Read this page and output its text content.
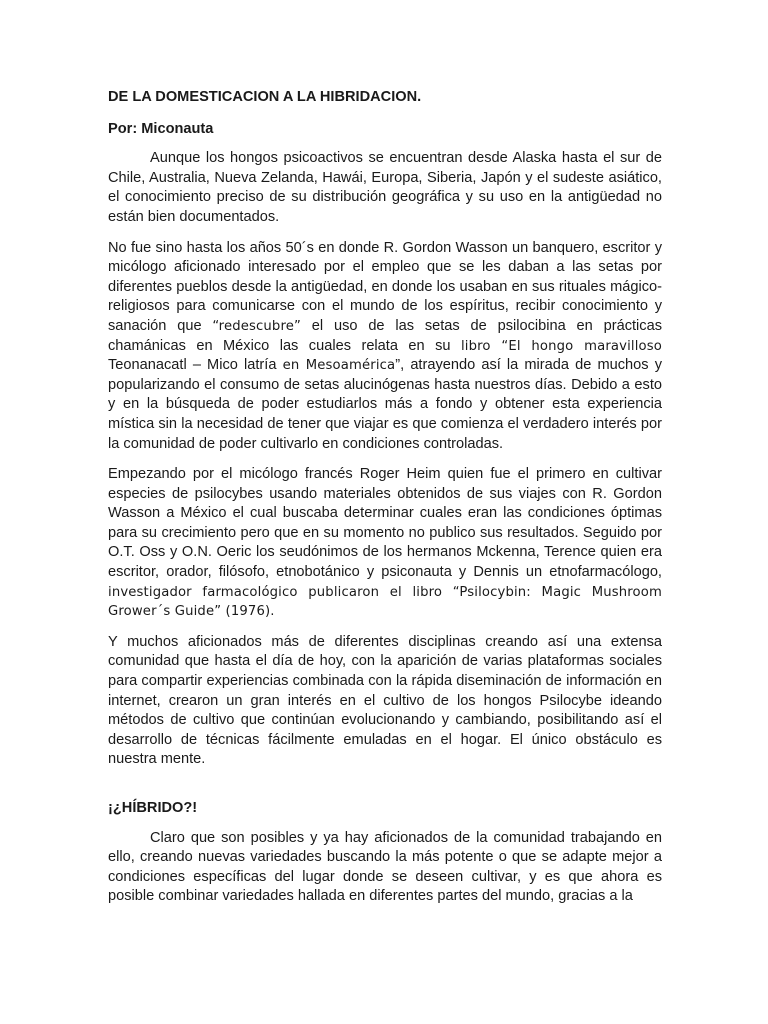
DE LA DOMESTICACION A LA HIBRIDACION.

Por: Miconauta

Aunque los hongos psicoactivos se encuentran desde Alaska hasta el sur de Chile, Australia, Nueva Zelanda, Hawái, Europa, Siberia, Japón y el sudeste asiático, el conocimiento preciso de su distribución geográfica y su uso en la antigüedad no están bien documentados.

No fue sino hasta los años 50´s en donde R. Gordon Wasson un banquero, escritor y micólogo aficionado interesado por el empleo que se les daban a las setas por diferentes pueblos desde la antigüedad, en donde los usaban en sus rituales mágico-religiosos para comunicarse con el mundo de los espíritus, recibir conocimiento y sanación que “redescubre” el uso de las setas de psilocibina en prácticas chamánicas en México las cuales relata en su libro “El hongo maravilloso Teonanacatl – Mico latría en Mesoamérica”, atrayendo así la mirada de muchos y popularizando el consumo de setas alucinógenas hasta nuestros días. Debido a esto y en la búsqueda de poder estudiarlos más a fondo y obtener esta experiencia mística sin la necesidad de tener que viajar es que comienza el verdadero interés por la comunidad de poder cultivarlo en condiciones controladas.

Empezando por el micólogo francés Roger Heim quien fue el primero en cultivar especies de psilocybes usando materiales obtenidos de sus viajes con R. Gordon Wasson a México el cual buscaba determinar cuales eran las condiciones óptimas para su crecimiento pero que en su momento no publico sus resultados. Seguido por O.T. Oss y O.N. Oeric los seudónimos de los hermanos Mckenna, Terence quien era escritor, orador, filósofo, etnobotánico y psiconauta y Dennis un etnofarmacólogo, investigador farmacológico publicaron el libro “Psilocybin: Magic Mushroom Grower´s Guide” (1976).

Y muchos aficionados más de diferentes disciplinas creando así una extensa comunidad que hasta el día de hoy, con la aparición de varias plataformas sociales para compartir experiencias combinada con la rápida diseminación de información en internet, crearon un gran interés en el cultivo de los hongos Psilocybe ideando métodos de cultivo que continúan evolucionando y cambiando, posibilitando así el desarrollo de técnicas fácilmente emuladas en el hogar. El único obstáculo es nuestra mente.

¡¿HÍBRIDO?!

Claro que son posibles y ya hay aficionados de la comunidad trabajando en ello, creando nuevas variedades buscando la más potente o que se adapte mejor a condiciones específicas del lugar donde se deseen cultivar, y es que ahora es posible combinar variedades hallada en diferentes partes del mundo, gracias a la
